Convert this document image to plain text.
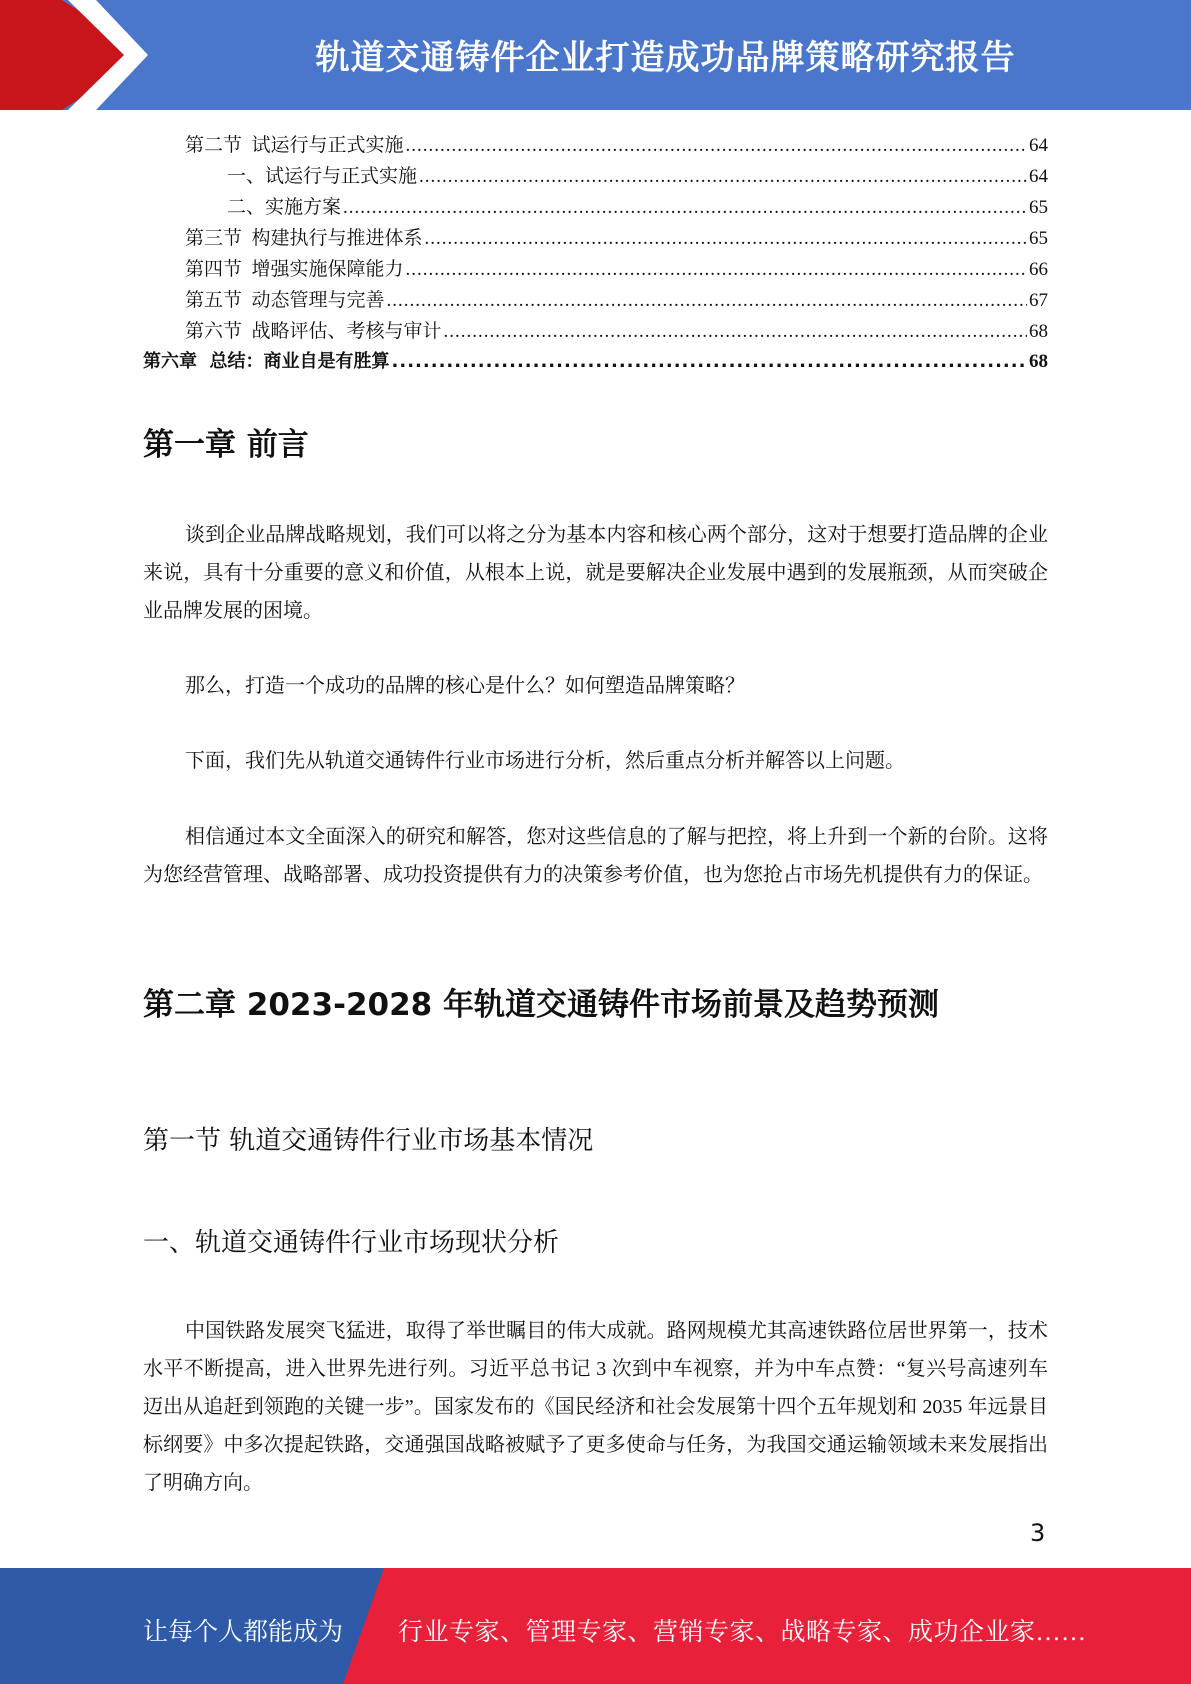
轨道交通铸件企业打造成功品牌策略研究报告
第二节  试运行与正式实施 .....	64
一、试运行与正式实施 .....	64
二、实施方案 .....	65
第三节  构建执行与推进体系 .....	65
第四节  增强实施保障能力 .....	66
第五节  动态管理与完善 .....	67
第六节  战略评估、考核与审计 .....	68
第六章  总结：商业自是有胜算 .....	68
第一章 前言

谈到企业品牌战略规划，我们可以将之分为基本内容和核心两个部分，这对于想要打造品牌的企业来说，具有十分重要的意义和价值，从根本上说，就是要解决企业发展中遇到的发展瓶颈，从而突破企业品牌发展的困境。

那么，打造一个成功的品牌的核心是什么？如何塑造品牌策略？

下面，我们先从轨道交通铸件行业市场进行分析，然后重点分析并解答以上问题。

相信通过本文全面深入的研究和解答，您对这些信息的了解与把控，将上升到一个新的台阶。这将为您经营管理、战略部署、成功投资提供有力的决策参考价值，也为您抢占市场先机提供有力的保证。

第二章 2023-2028 年轨道交通铸件市场前景及趋势预测
第一节 轨道交通铸件行业市场基本情况
一、轨道交通铸件行业市场现状分析

中国铁路发展突飞猛进，取得了举世瞩目的伟大成就。路网规模尤其高速铁路位居世界第一，技术水平不断提高，进入世界先进行列。习近平总书记 3 次到中车视察，并为中车点赞：“复兴号高速列车迈出从追赶到领跑的关键一步”。国家发布的《国民经济和社会发展第十四个五年规划和 2035 年远景目标纲要》中多次提起铁路，交通强国战略被赋予了更多使命与任务，为我国交通运输领域未来发展指出了明确方向。

3
让每个人都能成为 行业专家、管理专家、营销专家、战略专家、成功企业家……
